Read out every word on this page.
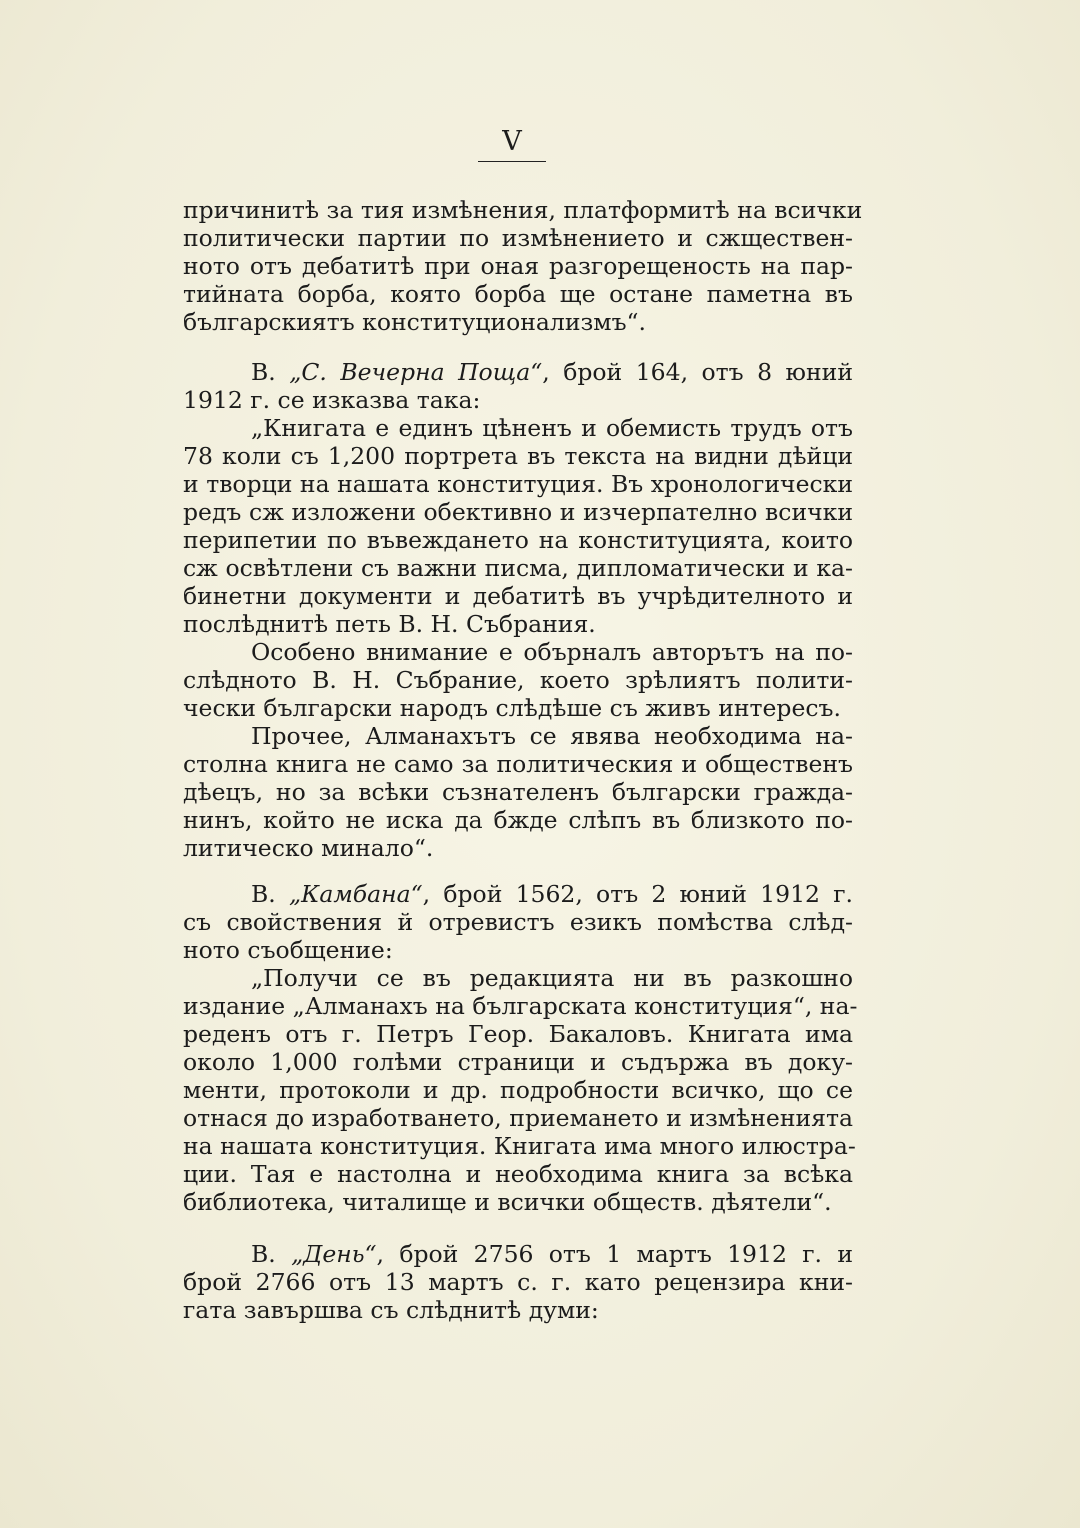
V
причинитѣ за тия измѣнения, платформитѣ на всички
политически партии по измѣнението и сжществен-
ното отъ дебатитѣ при оная разгорещеность на пар-
тийната борба, която борба ще остане паметна въ
българскиятъ конституционализмъ“.
В. „С. Вечерна Поща“, брой 164, отъ 8 юний
1912 г. се изказва така:
„Книгата е единъ цѣненъ и обемисть трудъ отъ
78 коли съ 1,200 портрета въ текста на видни дѣйци
и творци на нашата конституция. Въ хронологически
редъ сж изложени обективно и изчерпателно всички
перипетии по въвеждането на конституцията, които
сж освѣтлени съ важни писма, дипломатически и ка-
бинетни документи и дебатитѣ въ учрѣдителното и
послѣднитѣ петь В. Н. Събрания.
Особено внимание е обърналъ авторътъ на по-
слѣдното В. Н. Събрание, което зрѣлиятъ полити-
чески български народъ слѣдѣше съ живъ интересъ.
Прочее, Алманахътъ се явява необходима на-
столна книга не само за политическия и общественъ
дѣецъ, но за всѣки съзнателенъ български гражда-
нинъ, който не иска да бжде слѣпъ въ близкото по-
литическо минало“.
В. „Камбана“, брой 1562, отъ 2 юний 1912 г.
съ свойствения й отревистъ езикъ помѣства слѣд-
ното съобщение:
„Получи се въ редакцията ни въ разкошно
издание „Алманахъ на българската конституция“, на-
реденъ отъ г. Петръ Геор. Бакаловъ. Книгата има
около 1,000 голѣми страници и съдържа въ доку-
менти, протоколи и др. подробности всичко, що се
отнася до изработването, приемането и измѣненията
на нашата конституция. Книгата има много илюстра-
ции. Тая е настолна и необходима книга за всѣка
библиотека, читалище и всички обществ. дѣятели“.
В. „День“, брой 2756 отъ 1 мартъ 1912 г. и
брой 2766 отъ 13 мартъ с. г. като рецензира кни-
гата завършва съ слѣднитѣ думи:
